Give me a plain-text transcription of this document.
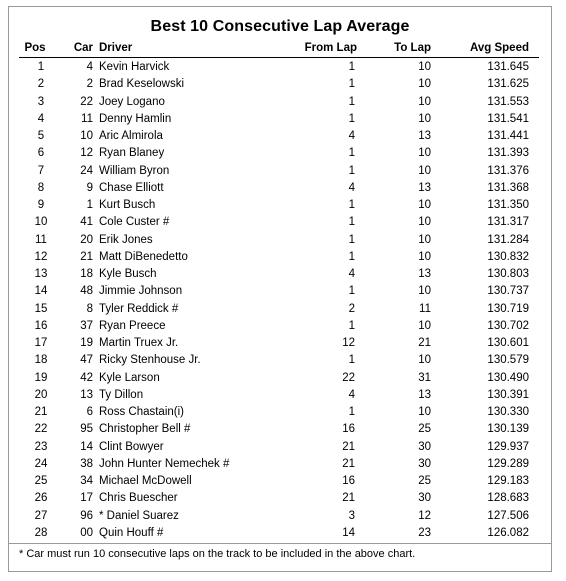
Best 10 Consecutive Lap Average
Pos	Car Driver	From Lap	To Lap	Avg Speed
1	4 Kevin Harvick	1	10	131.645
2	2 Brad Keselowski	1	10	131.625
3	22 Joey Logano	1	10	131.553
4	11 Denny Hamlin	1	10	131.541
5	10 Aric Almirola	4	13	131.441
6	12 Ryan Blaney	1	10	131.393
7	24 William Byron	1	10	131.376
8	9 Chase Elliott	4	13	131.368
9	1 Kurt Busch	1	10	131.350
10	41 Cole Custer #	1	10	131.317
11	20 Erik Jones	1	10	131.284
12	21 Matt DiBenedetto	1	10	130.832
13	18 Kyle Busch	4	13	130.803
14	48 Jimmie Johnson	1	10	130.737
15	8 Tyler Reddick #	2	11	130.719
16	37 Ryan Preece	1	10	130.702
17	19 Martin Truex Jr.	12	21	130.601
18	47 Ricky Stenhouse Jr.	1	10	130.579
19	42 Kyle Larson	22	31	130.490
20	13 Ty Dillon	4	13	130.391
21	6 Ross Chastain(i)	1	10	130.330
22	95 Christopher Bell #	16	25	130.139
23	14 Clint Bowyer	21	30	129.937
24	38 John Hunter Nemechek #	21	30	129.289
25	34 Michael McDowell	16	25	129.183
26	17 Chris Buescher	21	30	128.683
27	96 * Daniel Suarez	3	12	127.506
28	00 Quin Houff #	14	23	126.082
* Car must run 10 consecutive laps on the track to be included in the above chart.
